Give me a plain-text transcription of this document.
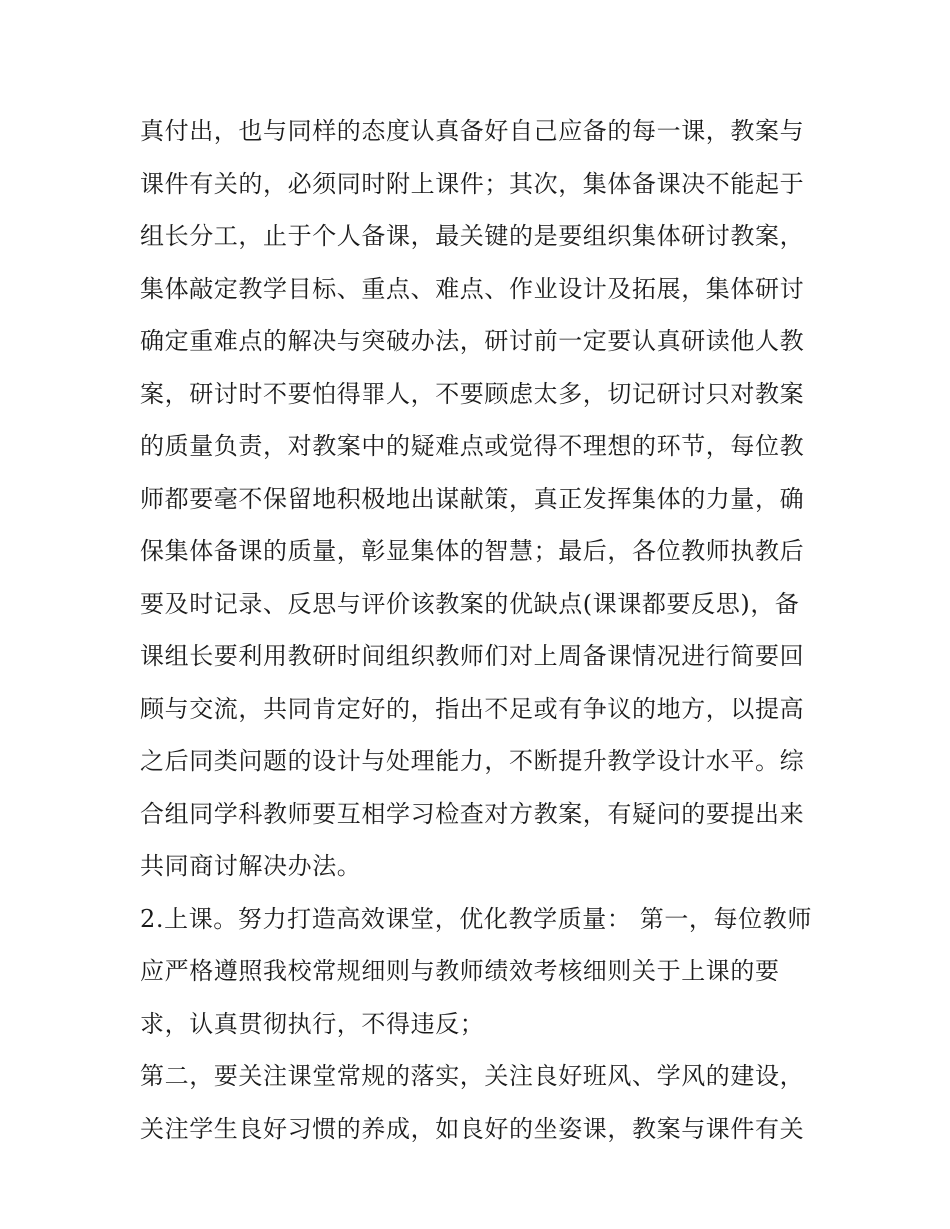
真付出，也与同样的态度认真备好自己应备的每一课，教案与
课件有关的，必须同时附上课件；其次，集体备课决不能起于
组长分工，止于个人备课，最关键的是要组织集体研讨教案，
集体敲定教学目标、重点、难点、作业设计及拓展，集体研讨
确定重难点的解决与突破办法，研讨前一定要认真研读他人教
案，研讨时不要怕得罪人，不要顾虑太多，切记研讨只对教案
的质量负责，对教案中的疑难点或觉得不理想的环节，每位教
师都要毫不保留地积极地出谋献策，真正发挥集体的力量，确
保集体备课的质量，彰显集体的智慧；最后，各位教师执教后
要及时记录、反思与评价该教案的优缺点(课课都要反思)，备
课组长要利用教研时间组织教师们对上周备课情况进行简要回
顾与交流，共同肯定好的，指出不足或有争议的地方，以提高
之后同类问题的设计与处理能力，不断提升教学设计水平。综
合组同学科教师要互相学习检查对方教案，有疑问的要提出来
共同商讨解决办法。
2.上课。努力打造高效课堂，优化教学质量： 第一，每位教师
应严格遵照我校常规细则与教师绩效考核细则关于上课的要
求，认真贯彻执行，不得违反；
第二，要关注课堂常规的落实，关注良好班风、学风的建设，
关注学生良好习惯的养成，如良好的坐姿课，教案与课件有关
